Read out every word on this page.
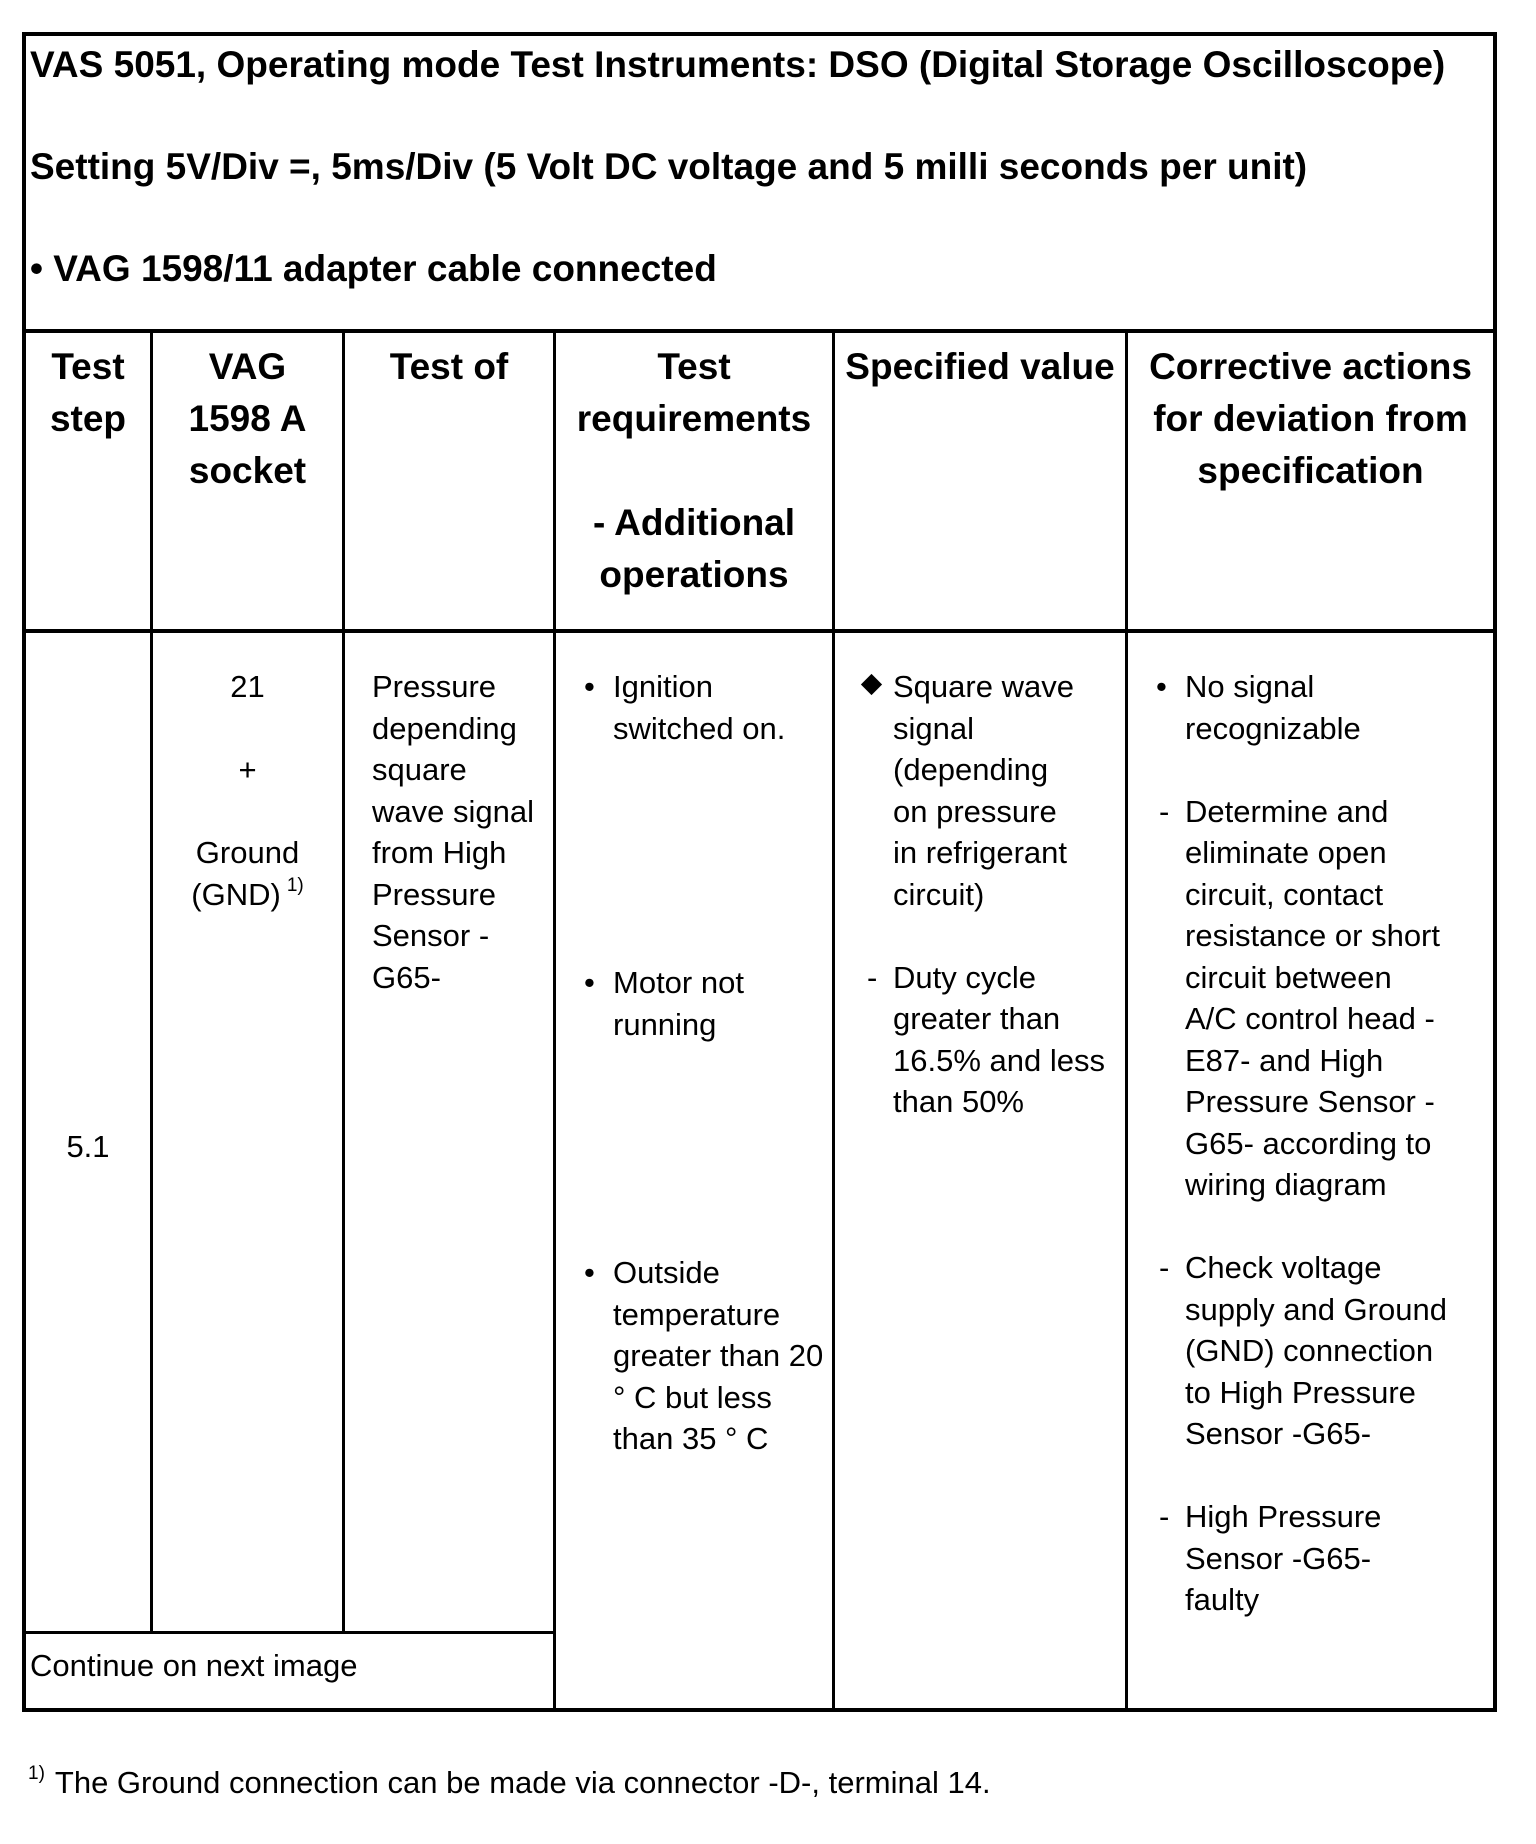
VAS 5051, Operating mode Test Instruments: DSO (Digital Storage Oscilloscope)
Setting 5V/Div =, 5ms/Div (5 Volt DC voltage and 5 milli seconds per unit)
• VAG 1598/11 adapter cable connected

Test

step

VAG

1598 A

socket

Test of	Test

requirements

- Additional

operations

Specified value Corrective actions

for deviation from

specification

5.1

21

+

Ground

(GND) $^{1)}$

Pressure

depending

square

wave signal

from High

Pressure

Sensor -

G65-

• Ignition

switched on.

• Motor not

running

• Outside

temperature

greater than 20

° C but less

than 35 ° C

Square wave

signal

(depending

on pressure

in refrigerant

circuit)

- Duty cycle

greater than

16.5% and less

than 50%

• No signal

recognizable

- Determine and

eliminate open

circuit, contact

resistance or short

circuit between

A/C control head -

E87- and High

Pressure Sensor -

G65- according to

wiring diagram

- Check voltage

supply and Ground

(GND) connection

to High Pressure

Sensor -G65-

- High Pressure

Sensor -G65-

faulty

Continue on next image
$^{1)}$ The Ground connection can be made via connector -D-, terminal 14.
